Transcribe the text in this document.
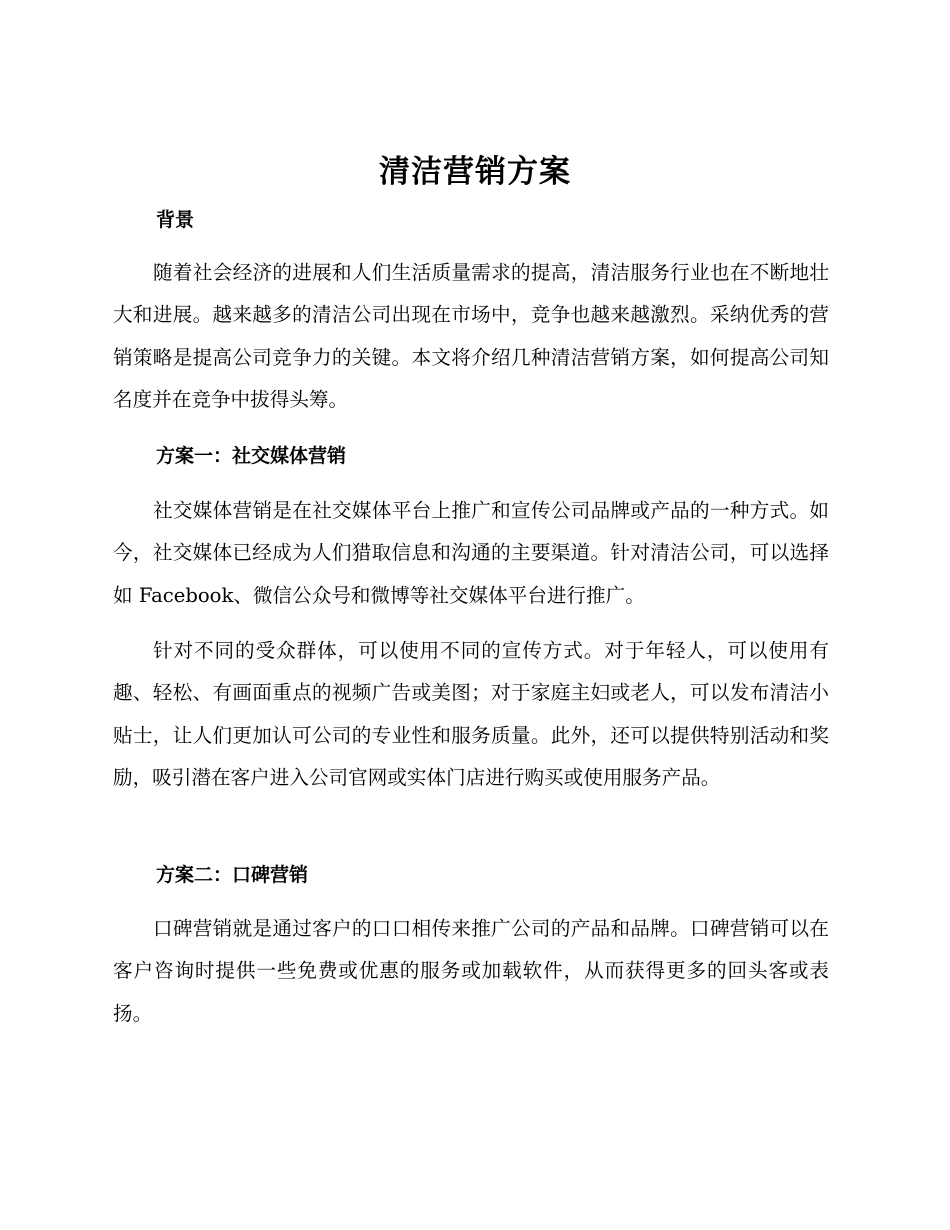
清洁营销方案
背景

随着社会经济的进展和人们生活质量需求的提高，清洁服务行业也在不断地壮大和进展。越来越多的清洁公司出现在市场中，竞争也越来越激烈。采纳优秀的营销策略是提高公司竞争力的关键。本文将介绍几种清洁营销方案，如何提高公司知名度并在竞争中拔得头筹。

方案一：社交媒体营销

社交媒体营销是在社交媒体平台上推广和宣传公司品牌或产品的一种方式。如今，社交媒体已经成为人们猎取信息和沟通的主要渠道。针对清洁公司，可以选择如 Facebook、微信公众号和微博等社交媒体平台进行推广。

针对不同的受众群体，可以使用不同的宣传方式。对于年轻人，可以使用有趣、轻松、有画面重点的视频广告或美图；对于家庭主妇或老人，可以发布清洁小贴士，让人们更加认可公司的专业性和服务质量。此外，还可以提供特别活动和奖励，吸引潜在客户进入公司官网或实体门店进行购买或使用服务产品。

方案二：口碑营销

口碑营销就是通过客户的口口相传来推广公司的产品和品牌。口碑营销可以在客户咨询时提供一些免费或优惠的服务或加载软件，从而获得更多的回头客或表扬。
